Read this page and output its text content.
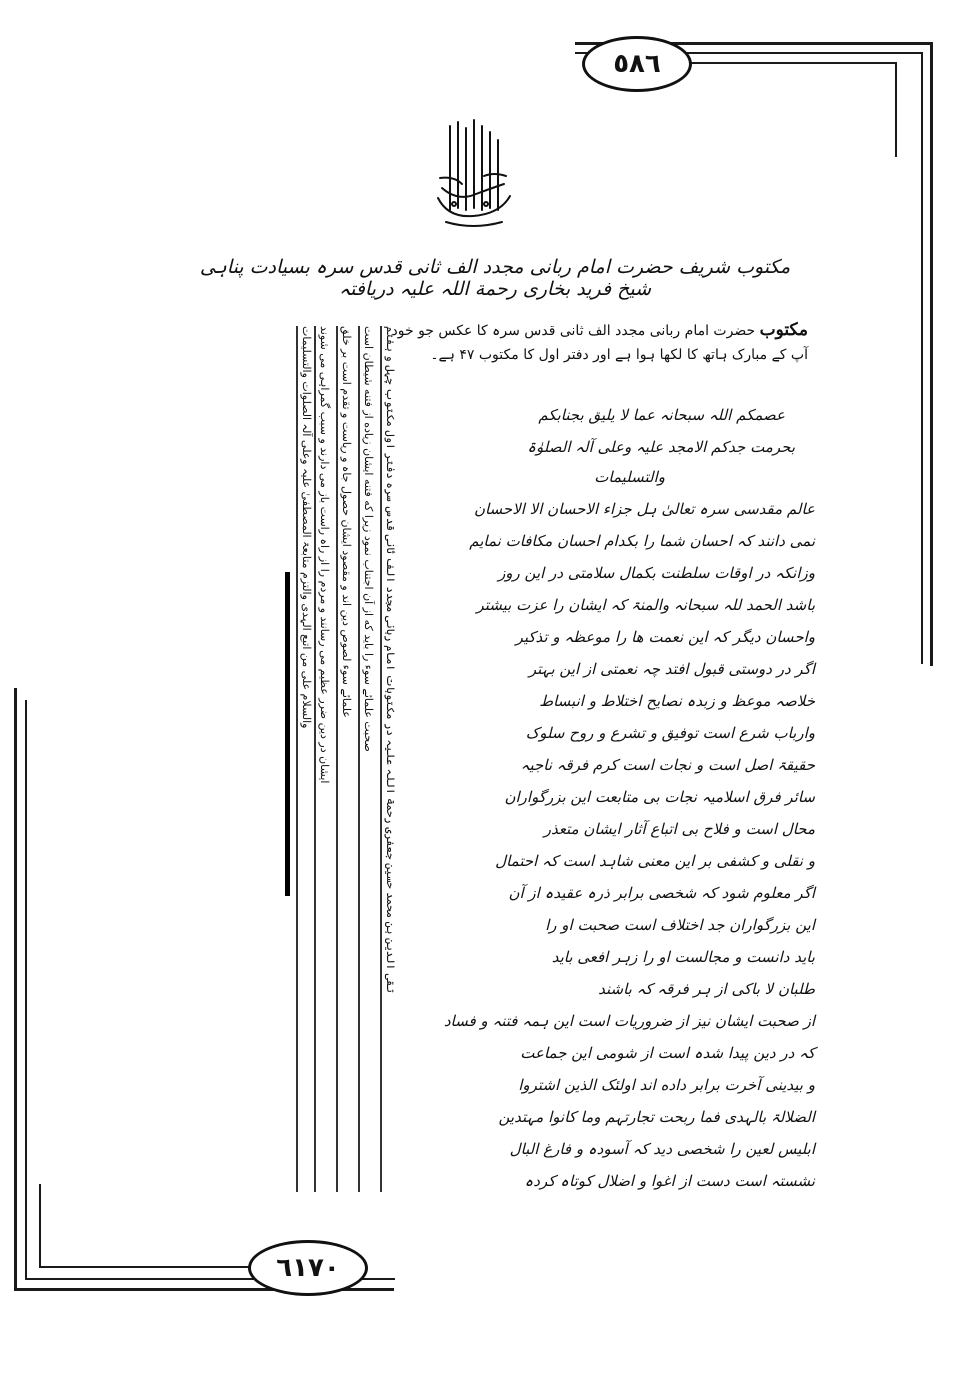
٥٨٦
٦١٧٠
مکتوب شریف حضرت امام ربانی مجدد الف ثانی قدس سرہ بسیادت پناہی شیخ فرید بخاری رحمة اللہ علیہ دریافتہ
مکتوب حضرت امام ربانی مجدد الف ثانی قدس سرہ کا عکس جو خود آپ کے مبارک ہاتھ کا لکھا ہوا ہے اور دفتر اول کا مکتوب ۴۷ ہے۔
عصمکم اللہ سبحانہ عما لا یلیق بجنابکم
بحرمت جدکم الامجد علیہ وعلی آلہ الصلوٰۃ
والتسلیمات
عالم مقدسی سرہ تعالیٰ ہل جزاء الاحسان الا الاحسان
نمی دانند کہ احسان شما را بکدام احسان مکافات نمایم
وزانکہ در اوقات سلطنت بکمال سلامتی در این روز
باشد الحمد للہ سبحانہ والمنۃ کہ ایشان را عزت بیشتر
واحسان دیگر کہ این نعمت ها را موعظہ و تذکیر
اگر در دوستی قبول افتد چہ نعمتی از این بہتر
خلاصہ موعظ و زبدہ نصایح اختلاط و انبساط
وارباب شرع است توفیق و تشرع و روح سلوک
حقیقۃ اصل است و نجات است کرم فرقہ ناجیہ
سائر فرق اسلامیہ نجات بی متابعت این بزرگواران
محال است و فلاح بی اتباع آثار ایشان متعذر
و نقلی و کشفی بر این معنی شاہد است کہ احتمال
اگر معلوم شود کہ شخصی برابر ذرہ عقیدہ از آن
این بزرگواران جد اختلاف است صحبت او را
باید دانست و مجالست او را زہر افعی باید
طلبان لا باکی از ہر فرقہ کہ باشند
از صحبت ایشان نیز از ضروریات است این ہمہ فتنہ و فساد
کہ در دین پیدا شدہ است از شومی این جماعت
و بیدینی آخرت برابر داده اند اولئک الذین اشتروا
الضلالۃ بالہدی فما ربحت تجارتہم وما کانوا مہتدین
ابلیس لعین را شخصی دید کہ آسودہ و فارغ البال
نشستہ است دست از اغوا و اضلال کوتاہ کردہ
تقی الدین بن محمد حسین جعفری رحمة اللہ علیہ در مکتوبات امام ربانی مجدد الف ثانی قدس سرہ دفتر اول مکتوب چہل و ہفتم
صحبت علمائے سوء را باید که از آن اجتناب نمود زیرا که فتنه ایشان زیاده از فتنه شیطان است
علمائے سوء لصوص دین اند و مقصود ایشان حصول جاہ و ریاست و تقدم است بر خلق
ایشان در دین ضرر عظیم می رسانند و مردم را از راہ راست باز می دارند و سبب گمراہی می شوند
والسلام علی من اتبع الہدی والتزم متابعۃ المصطفیٰ علیہ وعلی آلہ الصلوات والتسلیمات
